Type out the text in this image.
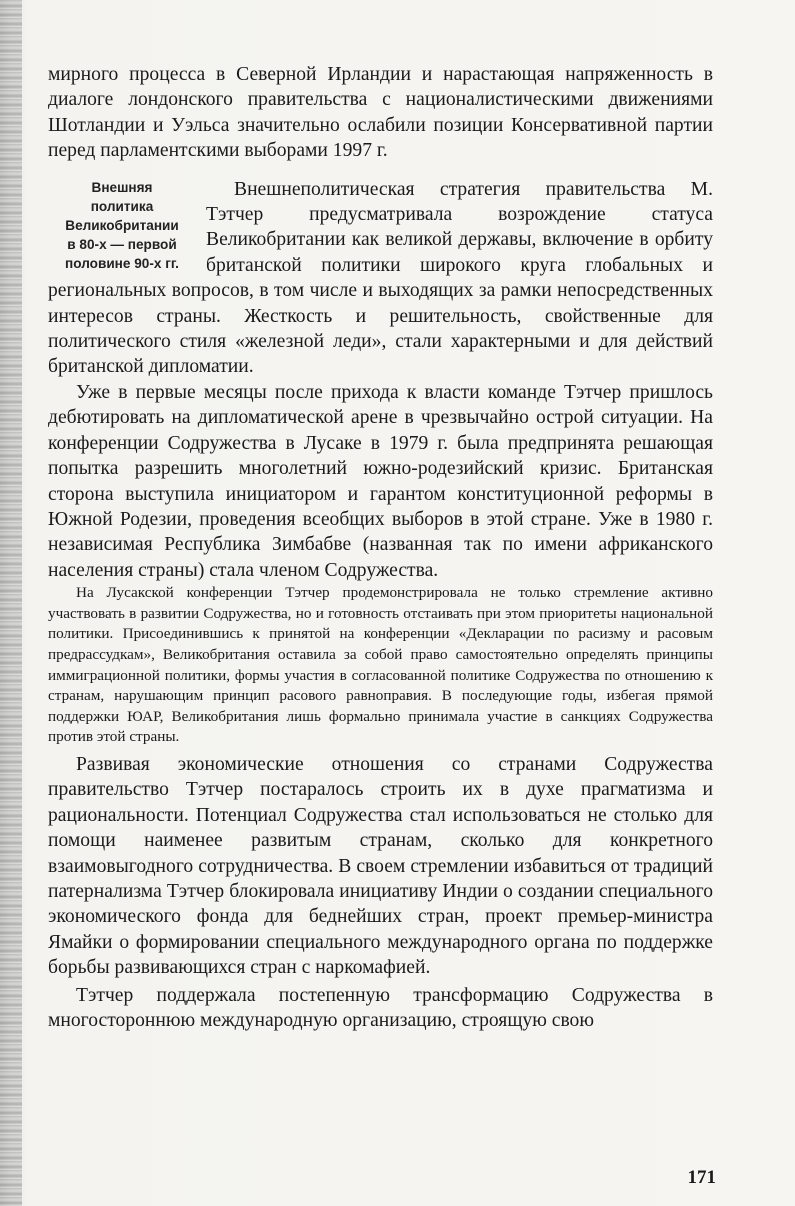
мирного процесса в Северной Ирландии и нарастающая напряженность в диалоге лондонского правительства с националистическими движениями Шотландии и Уэльса значительно ослабили позиции Консервативной партии перед парламентскими выборами 1997 г.

Внешняя
политика
Великобритании
в 80-х — первой
половине 90-х гг.

Внешнеполитическая стратегия правительства М. Тэтчер предусматривала возрождение статуса Великобритании как великой державы, включение в орбиту британской политики широкого круга глобальных и региональных вопросов, в том числе и выходящих за рамки непосредственных интересов страны. Жесткость и решительность, свойственные для политического стиля «железной леди», стали характерными и для действий британской дипломатии.

Уже в первые месяцы после прихода к власти команде Тэтчер пришлось дебютировать на дипломатической арене в чрезвычайно острой ситуации. На конференции Содружества в Лусаке в 1979 г. была предпринята решающая попытка разрешить многолетний южно-родезийский кризис. Британская сторона выступила инициатором и гарантом конституционной реформы в Южной Родезии, проведения всеобщих выборов в этой стране. Уже в 1980 г. независимая Республика Зимбабве (названная так по имени африканского населения страны) стала членом Содружества.

На Лусакской конференции Тэтчер продемонстрировала не только стремление активно участвовать в развитии Содружества, но и готовность отстаивать при этом приоритеты национальной политики. Присоединившись к принятой на конференции «Декларации по расизму и расовым предрассудкам», Великобритания оставила за собой право самостоятельно определять принципы иммиграционной политики, формы участия в согласованной политике Содружества по отношению к странам, нарушающим принцип расового равноправия. В последующие годы, избегая прямой поддержки ЮАР, Великобритания лишь формально принимала участие в санкциях Содружества против этой страны.

Развивая экономические отношения со странами Содружества правительство Тэтчер постаралось строить их в духе прагматизма и рациональности. Потенциал Содружества стал использоваться не столько для помощи наименее развитым странам, сколько для конкретного взаимовыгодного сотрудничества. В своем стремлении избавиться от традиций патернализма Тэтчер блокировала инициативу Индии о создании специального экономического фонда для беднейших стран, проект премьер-министра Ямайки о формировании специального международного органа по поддержке борьбы развивающихся стран с наркомафией.

Тэтчер поддержала постепенную трансформацию Содружества в многостороннюю международную организацию, строящую свою

171
